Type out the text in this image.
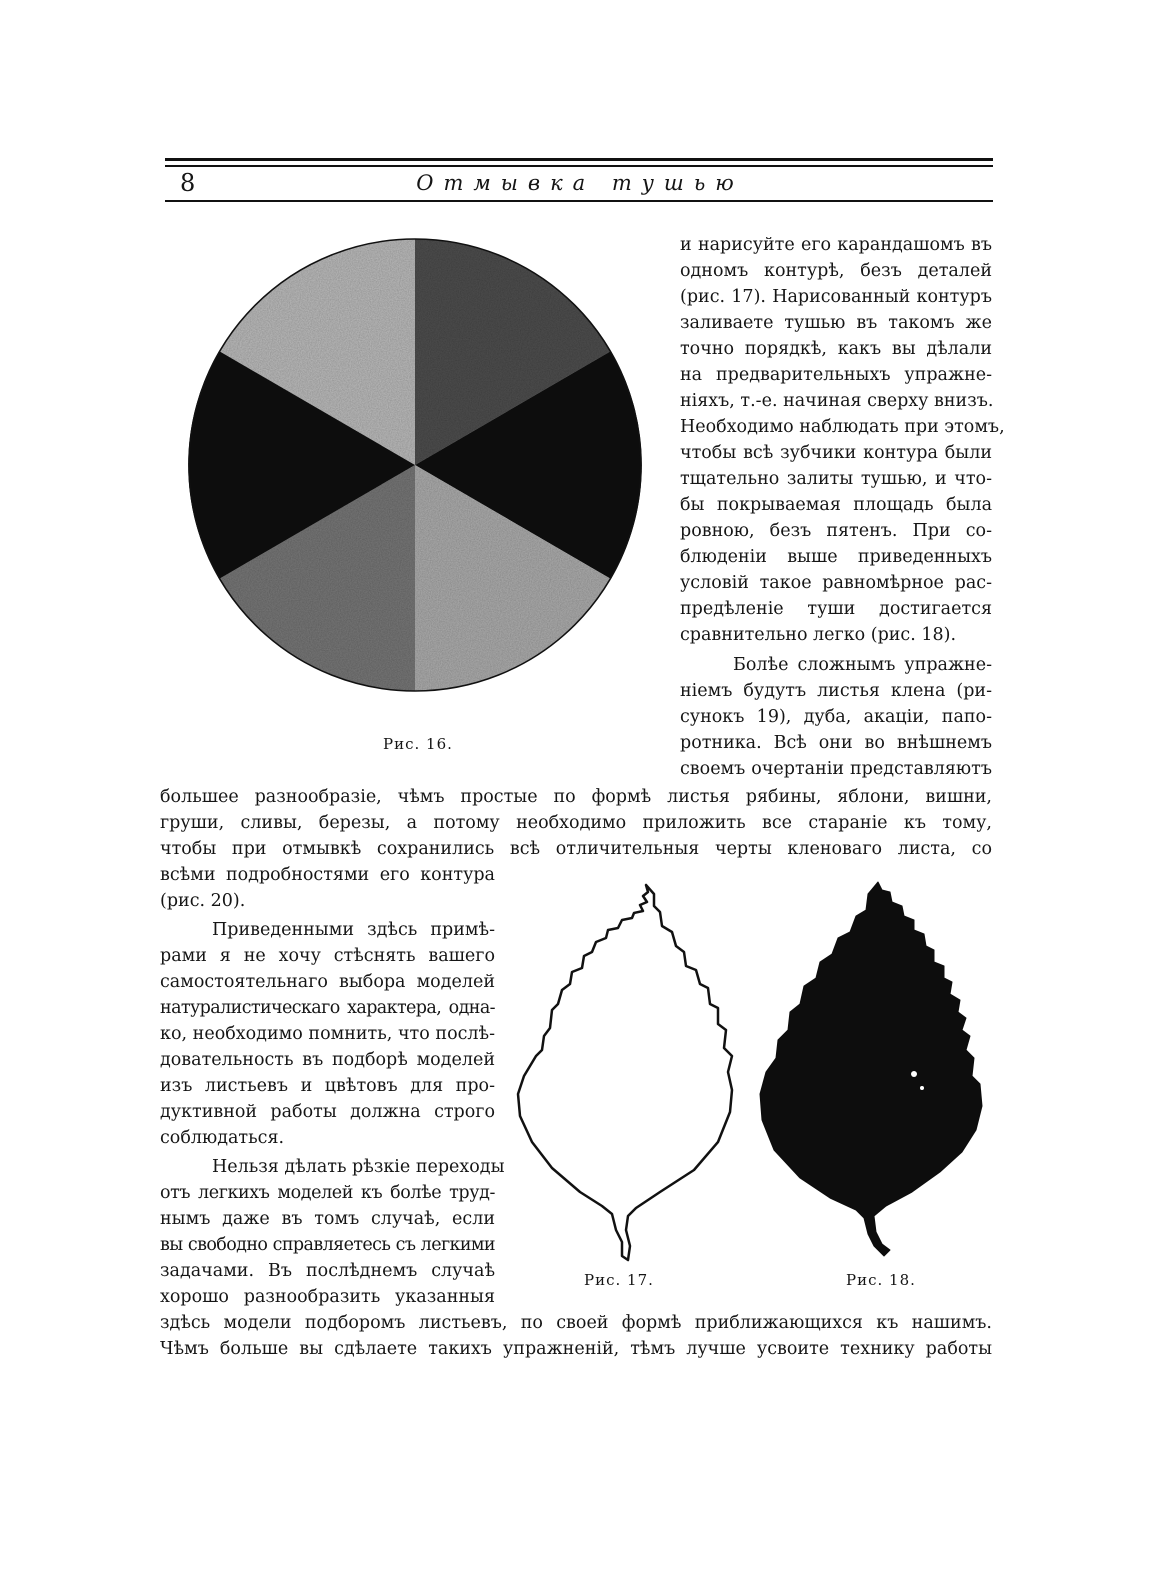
8	Отмывка тушью
Рис. 16.
и нарисуйте его карандашомъ въ
одномъ контурѣ, безъ деталей
(рис. 17). Нарисованный контуръ
заливаете тушью въ такомъ же
точно порядкѣ, какъ вы дѣлали
на предварительныхъ упражне-
ніяхъ, т.-е. начиная сверху внизъ.
Необходимо наблюдать при этомъ,
чтобы всѣ зубчики контура были
тщательно залиты тушью, и что-
бы покрываемая площадь была
ровною, безъ пятенъ. При со-
блюденіи выше приведенныхъ
условій такое равномѣрное рас-
предѣленіе туши достигается
сравнительно легко (рис. 18).
Болѣе сложнымъ упражне-
ніемъ будутъ листья клена (ри-
сунокъ 19), дуба, акаціи, папо-
ротника. Всѣ они во внѣшнемъ
своемъ очертаніи представляютъ
большее разнообразіе, чѣмъ простые по формѣ листья рябины, яблони, вишни,
груши, сливы, березы, а потому необходимо приложить все стараніе къ тому,
чтобы при отмывкѣ сохранились всѣ отличительныя черты кленоваго листа, со
всѣми подробностями его контура
(рис. 20).
Приведенными здѣсь примѣ-
рами я не хочу стѣснять вашего
самостоятельнаго выбора моделей
натуралистическаго характера, одна-
ко, необходимо помнить, что послѣ-
довательность въ подборѣ моделей
изъ листьевъ и цвѣтовъ для про-
дуктивной работы должна строго
соблюдаться.
Нельзя дѣлать рѣзкіе переходы
отъ легкихъ моделей къ болѣе труд-
нымъ даже въ томъ случаѣ, если
вы свободно справляетесь съ легкими
задачами. Въ послѣднемъ случаѣ
хорошо разнообразить указанныя
Рис. 17.	Рис. 18.
здѣсь модели подборомъ листьевъ, по своей формѣ приближающихся къ нашимъ.
Чѣмъ больше вы сдѣлаете такихъ упражненій, тѣмъ лучше усвоите технику работы
